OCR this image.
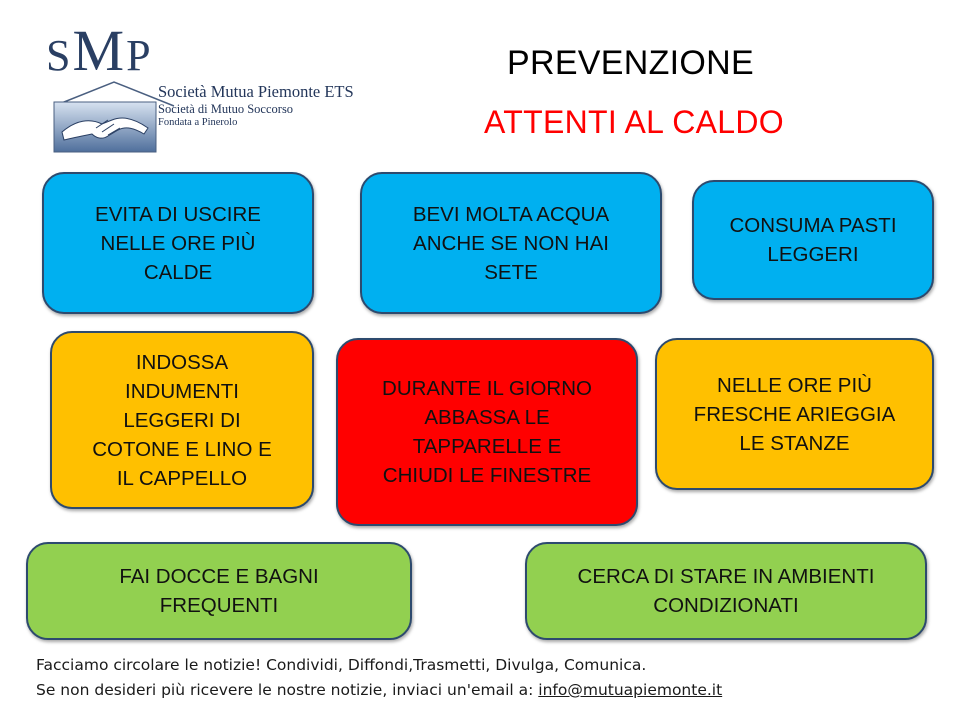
SMP
Società Mutua Piemonte ETS
Società di Mutuo Soccorso
Fondata a Pinerolo
PREVENZIONE
ATTENTI AL CALDO
EVITA DI USCIRE
NELLE ORE PIÙ
CALDE
BEVI MOLTA ACQUA
ANCHE SE NON HAI
SETE
CONSUMA PASTI
LEGGERI
INDOSSA
INDUMENTI
LEGGERI DI
COTONE E LINO E
IL CAPPELLO
DURANTE IL GIORNO
ABBASSA LE
TAPPARELLE E
CHIUDI LE FINESTRE
NELLE ORE PIÙ
FRESCHE ARIEGGIA
LE STANZE
FAI DOCCE E BAGNI
FREQUENTI
CERCA DI STARE IN AMBIENTI
CONDIZIONATI
Facciamo circolare le notizie! Condividi, Diffondi,Trasmetti, Divulga, Comunica.
Se non desideri più ricevere le nostre notizie, inviaci un'email a: info@mutuapiemonte.it
